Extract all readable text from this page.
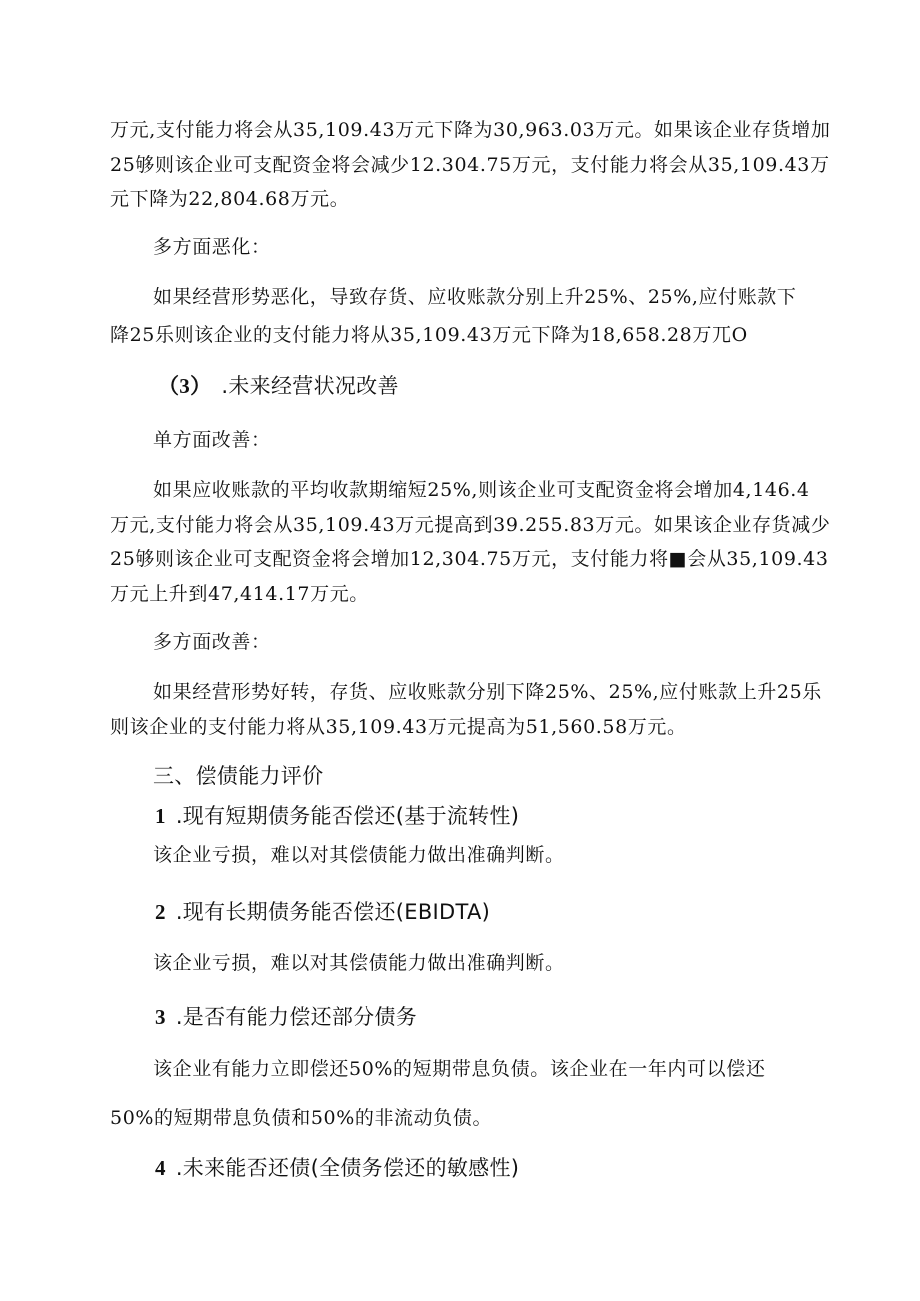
万元,支付能力将会从35,109.43万元下降为30,963.03万元。如果该企业存货增加
25够则该企业可支配资金将会减少12.304.75万元，支付能力将会从35,109.43万
元下降为22,804.68万元。
多方面恶化：
如果经营形势恶化，导致存货、应收账款分别上升25%、25%,应付账款下
降25乐则该企业的支付能力将从35,109.43万元下降为18,658.28万兀O
（3） .未来经营状况改善
单方面改善：
如果应收账款的平均收款期缩短25%,则该企业可支配资金将会增加4,146.4
万元,支付能力将会从35,109.43万元提高到39.255.83万元。如果该企业存货减少
25够则该企业可支配资金将会增加12,304.75万元，支付能力将■会从35,109.43
万元上升到47,414.17万元。
多方面改善：
如果经营形势好转，存货、应收账款分别下降25%、25%,应付账款上升25乐
则该企业的支付能力将从35,109.43万元提高为51,560.58万元。
三、偿债能力评价
1 .现有短期债务能否偿还(基于流转性)
该企业亏损，难以对其偿债能力做出准确判断。
2 .现有长期债务能否偿还(EBIDTA)
该企业亏损，难以对其偿债能力做出准确判断。
3 .是否有能力偿还部分债务
该企业有能力立即偿还50%的短期带息负债。该企业在一年内可以偿还
50%的短期带息负债和50%的非流动负债。
4 .未来能否还债(全债务偿还的敏感性)
